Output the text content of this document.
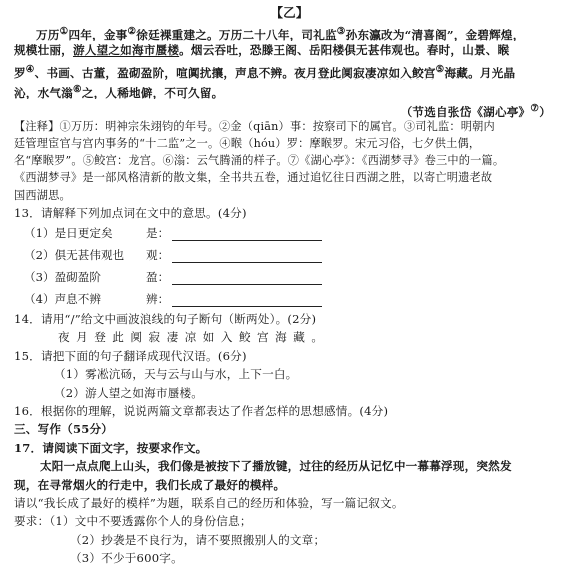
【乙】
万历①四年，金事②徐廷裸重建之。万历二十八年，司礼监③孙东瀛改为“清喜阁”，金碧辉煌，
规模壮丽，游人望之如海市蜃楼。烟云吞吐，恐滕王阁、岳阳楼俱无甚伟观也。春时，山景、睺
罗④、书画、古董，盈砌盈阶，喧阗扰攘，声息不辨。夜月登此阒寂凄凉如入鲛宫⑤海藏。月光晶
沁，水气滃⑥之，人稀地僻，不可久留。
（节选自张岱《湖心亭》⑦）
【注释】①万历：明神宗朱翊钧的年号。②金（qiān）事：按察司下的属官。③司礼监：明朝内
廷管理宦官与宫内事务的“十二监”之一。④睺（hóu）罗：摩睺罗。宋元习俗，七夕供土偶，
名“摩睺罗”。⑤鲛宫：龙宫。⑥滃：云气腾涌的样子。⑦《湖心亭》：《西湖梦寻》卷三中的一篇。
《西湖梦寻》是一部风格清新的散文集，全书共五卷，通过追忆往日西湖之胜，以寄亡明遗老故
国西湖思。
13．请解释下列加点词在文中的意思。(4分)
（1）是日更定矣	是：
（2）俱无甚伟观也	观：
（3）盈砌盈阶	盈：
（4）声息不辨	辨：
14．请用“/”给文中画波浪线的句子断句（断两处）。(2分)
夜月登此阒寂凄凉如入鲛宫海藏。
15．请把下面的句子翻译成现代汉语。(6分)
（1）雾凇沆砀，天与云与山与水，上下一白。
（2）游人望之如海市蜃楼。
16．根据你的理解，说说两篇文章都表达了作者怎样的思想感情。(4分)
三、写作（55分）
17．请阅读下面文字，按要求作文。
太阳一点点爬上山头，我们像是被按下了播放键，过往的经历从记忆中一幕幕浮现，突然发
现，在寻常烟火的行走中，我们长成了最好的模样。
请以“我长成了最好的模样”为题，联系自己的经历和体验，写一篇记叙文。
要求：（1）文中不要透露你个人的身份信息；
（2）抄袭是不良行为，请不要照搬别人的文章；
（3）不少于600字。
